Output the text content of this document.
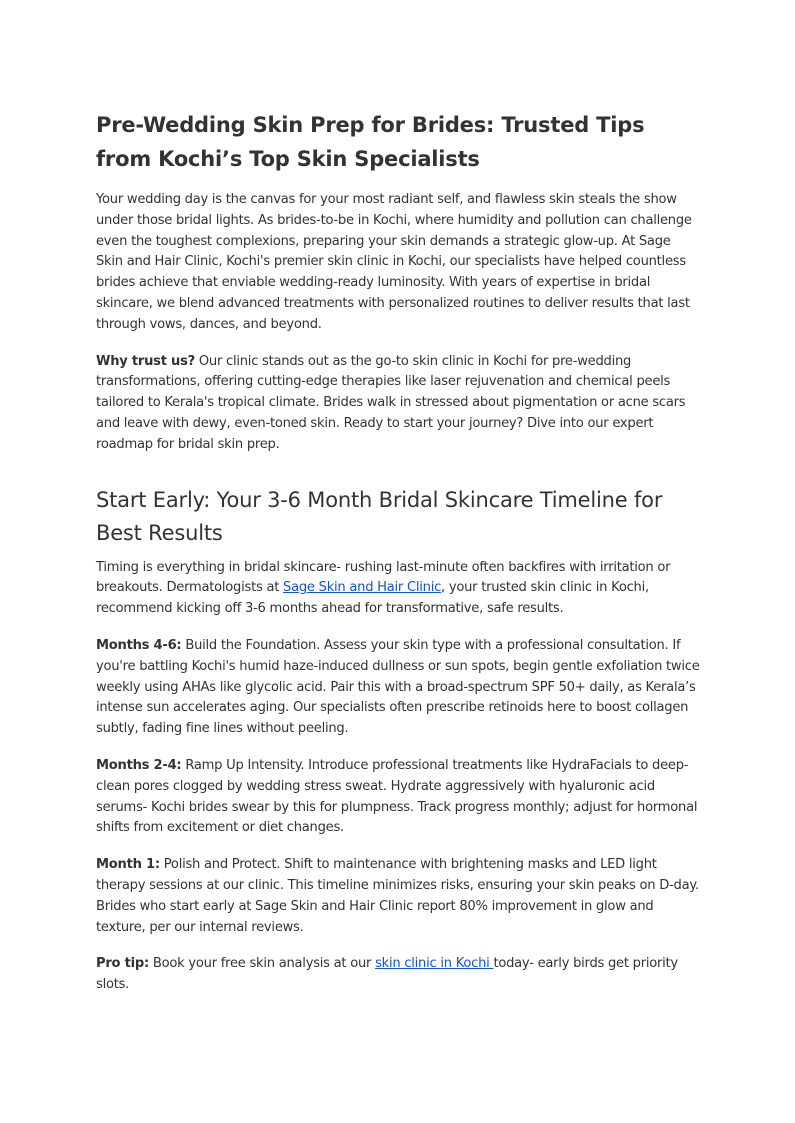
Pre-Wedding Skin Prep for Brides: Trusted Tips from Kochi’s Top Skin Specialists

Your wedding day is the canvas for your most radiant self, and flawless skin steals the show under those bridal lights. As brides-to-be in Kochi, where humidity and pollution can challenge even the toughest complexions, preparing your skin demands a strategic glow-up. At Sage Skin and Hair Clinic, Kochi's premier skin clinic in Kochi, our specialists have helped countless brides achieve that enviable wedding-ready luminosity. With years of expertise in bridal skincare, we blend advanced treatments with personalized routines to deliver results that last through vows, dances, and beyond.

Why trust us? Our clinic stands out as the go-to skin clinic in Kochi for pre-wedding transformations, offering cutting-edge therapies like laser rejuvenation and chemical peels tailored to Kerala's tropical climate. Brides walk in stressed about pigmentation or acne scars and leave with dewy, even-toned skin. Ready to start your journey? Dive into our expert roadmap for bridal skin prep.

Start Early: Your 3-6 Month Bridal Skincare Timeline for Best Results

Timing is everything in bridal skincare- rushing last-minute often backfires with irritation or breakouts. Dermatologists at Sage Skin and Hair Clinic, your trusted skin clinic in Kochi, recommend kicking off 3-6 months ahead for transformative, safe results.

Months 4-6: Build the Foundation. Assess your skin type with a professional consultation. If you're battling Kochi's humid haze-induced dullness or sun spots, begin gentle exfoliation twice weekly using AHAs like glycolic acid. Pair this with a broad-spectrum SPF 50+ daily, as Kerala’s intense sun accelerates aging. Our specialists often prescribe retinoids here to boost collagen subtly, fading fine lines without peeling.

Months 2-4: Ramp Up Intensity. Introduce professional treatments like HydraFacials to deep-clean pores clogged by wedding stress sweat. Hydrate aggressively with hyaluronic acid serums- Kochi brides swear by this for plumpness. Track progress monthly; adjust for hormonal shifts from excitement or diet changes.

Month 1: Polish and Protect. Shift to maintenance with brightening masks and LED light therapy sessions at our clinic. This timeline minimizes risks, ensuring your skin peaks on D-day. Brides who start early at Sage Skin and Hair Clinic report 80% improvement in glow and texture, per our internal reviews.

Pro tip: Book your free skin analysis at our skin clinic in Kochi today- early birds get priority slots.
